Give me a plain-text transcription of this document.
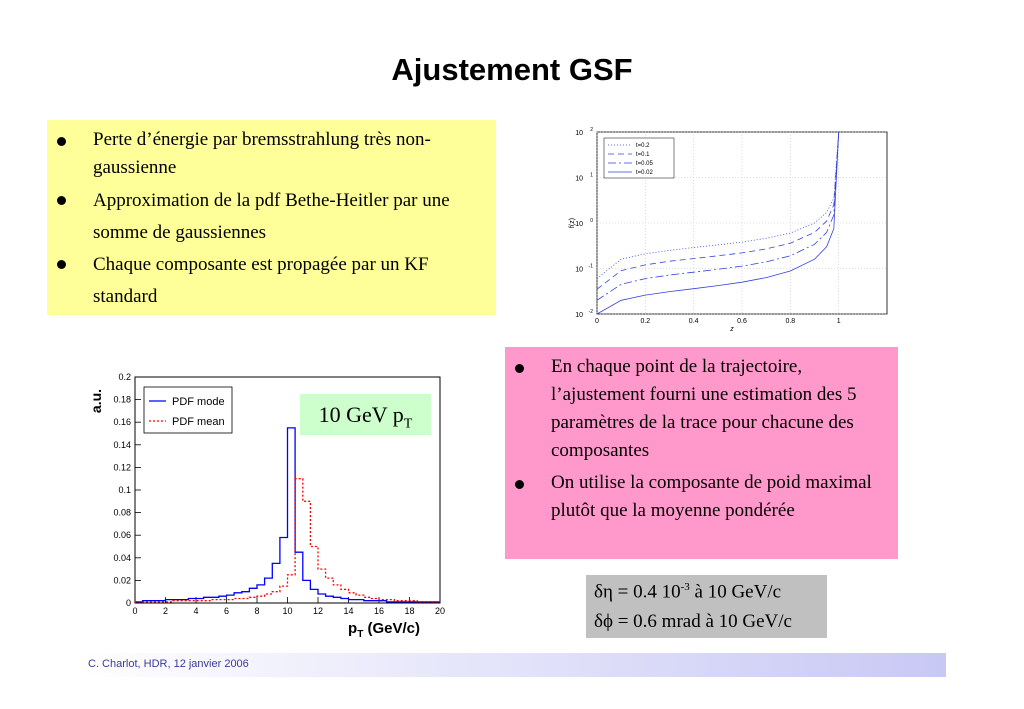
Ajustement GSF
Perte d’énergie par bremsstrahlung très non-gaussienne
Approximation de la pdf Bethe-Heitler par une somme de gaussiennes
Chaque composante est propagée par un KF standard
10 -2
10 -1
10 0
10 1
10 2
0	0.2	0.4	0.6	0.8	1
z
f(z)
t=0.2
t=0.1
t=0.05
t=0.02
0
0.02
0.04
0.06
0.08
0.1
0.12
0.14
0.16
0.18
0.2
0	2	4	6	8	10 12 14 16 18 20
$p_T$ (GeV/c)
a.u.	PDF mode
PDF mean	10 GeV $p_T$
En chaque point de la trajectoire, l’ajustement fourni une estimation des 5 paramètres de la trace pour chacune des composantes
On utilise la composante de poid maximal plutôt que la moyenne pondérée
δη = 0.4 $10^{-3}$ à 10 GeV/c
δϕ = 0.6 mrad à 10 GeV/c
C. Charlot, HDR, 12 janvier 2006
